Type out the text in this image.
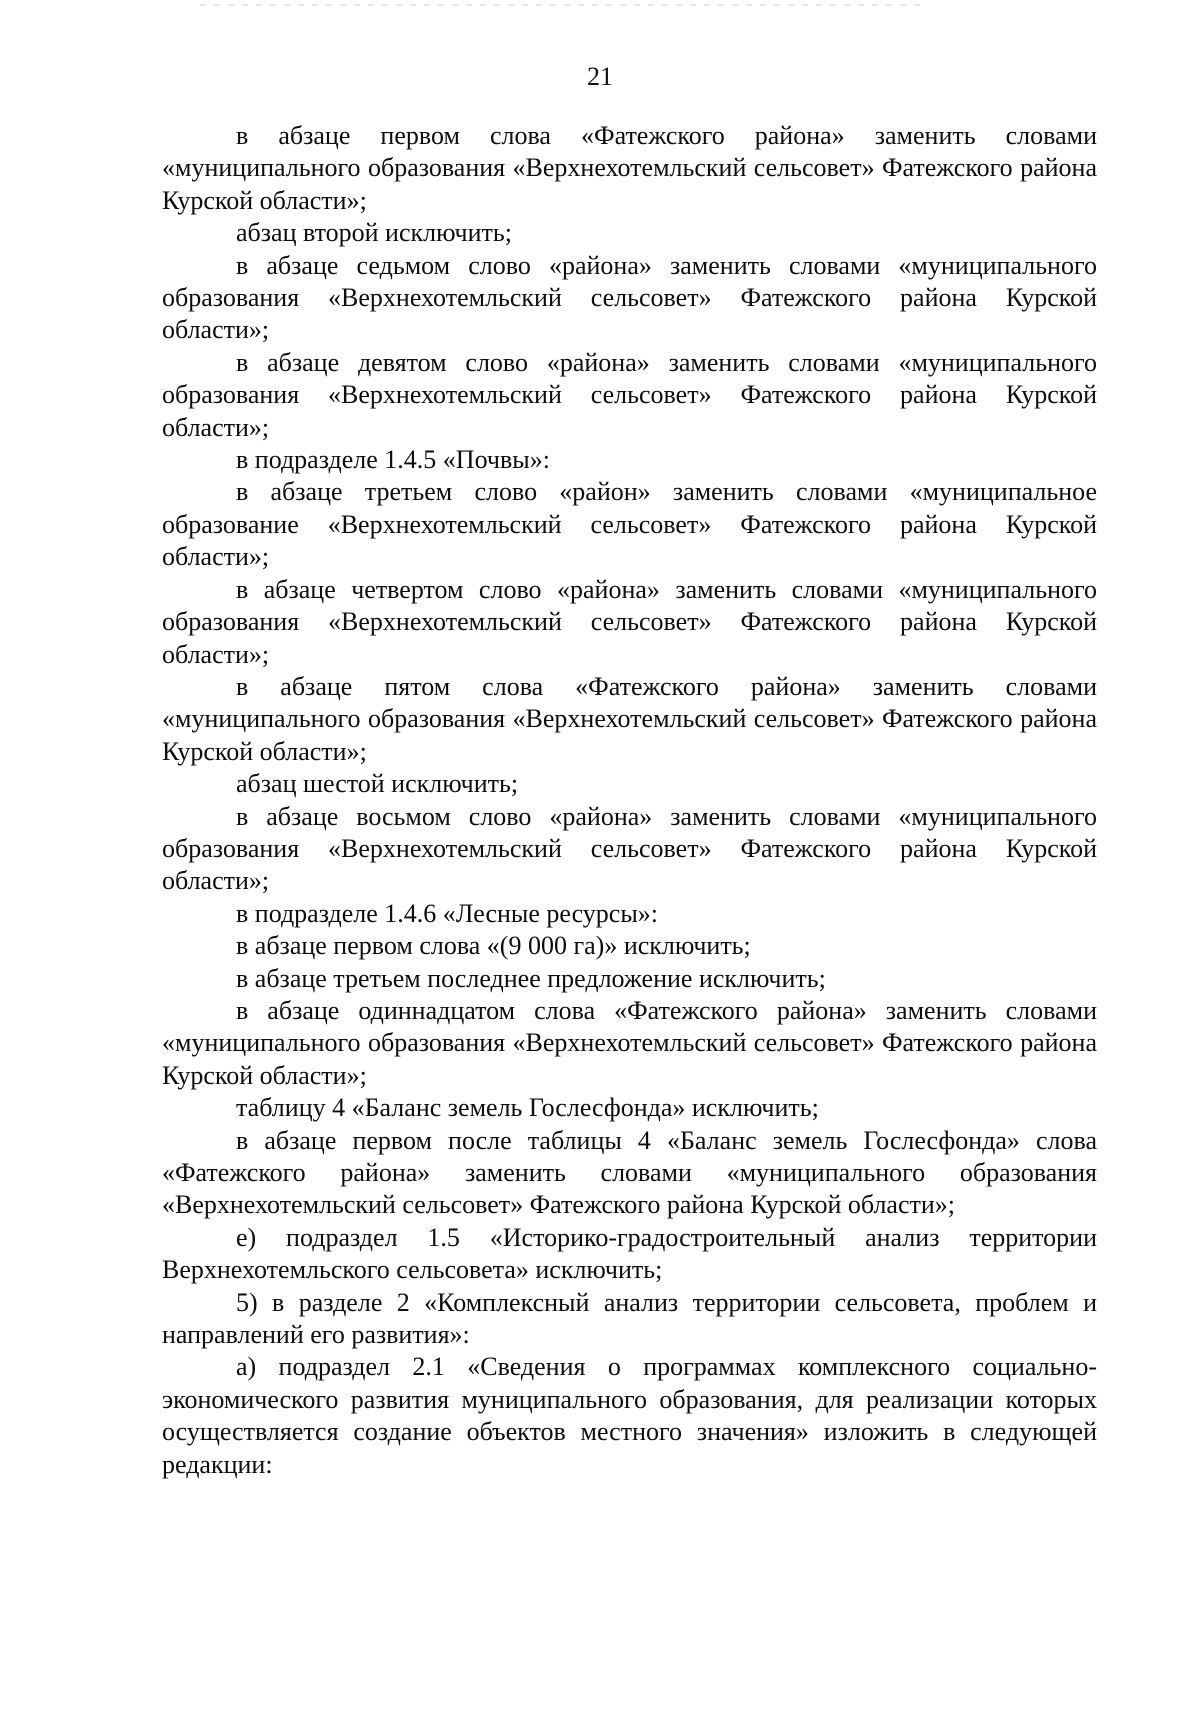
21

в абзаце первом слова «Фатежского района» заменить словами «муниципального образования «Верхнехотемльский сельсовет» Фатежского района Курской области»;

абзац второй исключить;

в абзаце седьмом слово «района» заменить словами «муниципального образования «Верхнехотемльский сельсовет» Фатежского района Курской области»;

в абзаце девятом слово «района» заменить словами «муниципального образования «Верхнехотемльский сельсовет» Фатежского района Курской области»;

в подразделе 1.4.5 «Почвы»:

в абзаце третьем слово «район» заменить словами «муниципальное образование «Верхнехотемльский сельсовет» Фатежского района Курской области»;

в абзаце четвертом слово «района» заменить словами «муниципального образования «Верхнехотемльский сельсовет» Фатежского района Курской области»;

в абзаце пятом слова «Фатежского района» заменить словами «муниципального образования «Верхнехотемльский сельсовет» Фатежского района Курской области»;

абзац шестой исключить;

в абзаце восьмом слово «района» заменить словами «муниципального образования «Верхнехотемльский сельсовет» Фатежского района Курской области»;

в подразделе 1.4.6 «Лесные ресурсы»:

в абзаце первом слова «(9 000 га)» исключить;

в абзаце третьем последнее предложение исключить;

в абзаце одиннадцатом слова «Фатежского района» заменить словами «муниципального образования «Верхнехотемльский сельсовет» Фатежского района Курской области»;

таблицу 4 «Баланс земель Гослесфонда» исключить;

в абзаце первом после таблицы 4 «Баланс земель Гослесфонда» слова «Фатежского района» заменить словами «муниципального образования «Верхнехотемльский сельсовет» Фатежского района Курской области»;

е) подраздел 1.5 «Историко-градостроительный анализ территории Верхнехотемльского сельсовета» исключить;

5) в разделе 2 «Комплексный анализ территории сельсовета, проблем и направлений его развития»:

а) подраздел 2.1 «Сведения о программах комплексного социально-экономического развития муниципального образования, для реализации которых осуществляется создание объектов местного значения» изложить в следующей редакции:
